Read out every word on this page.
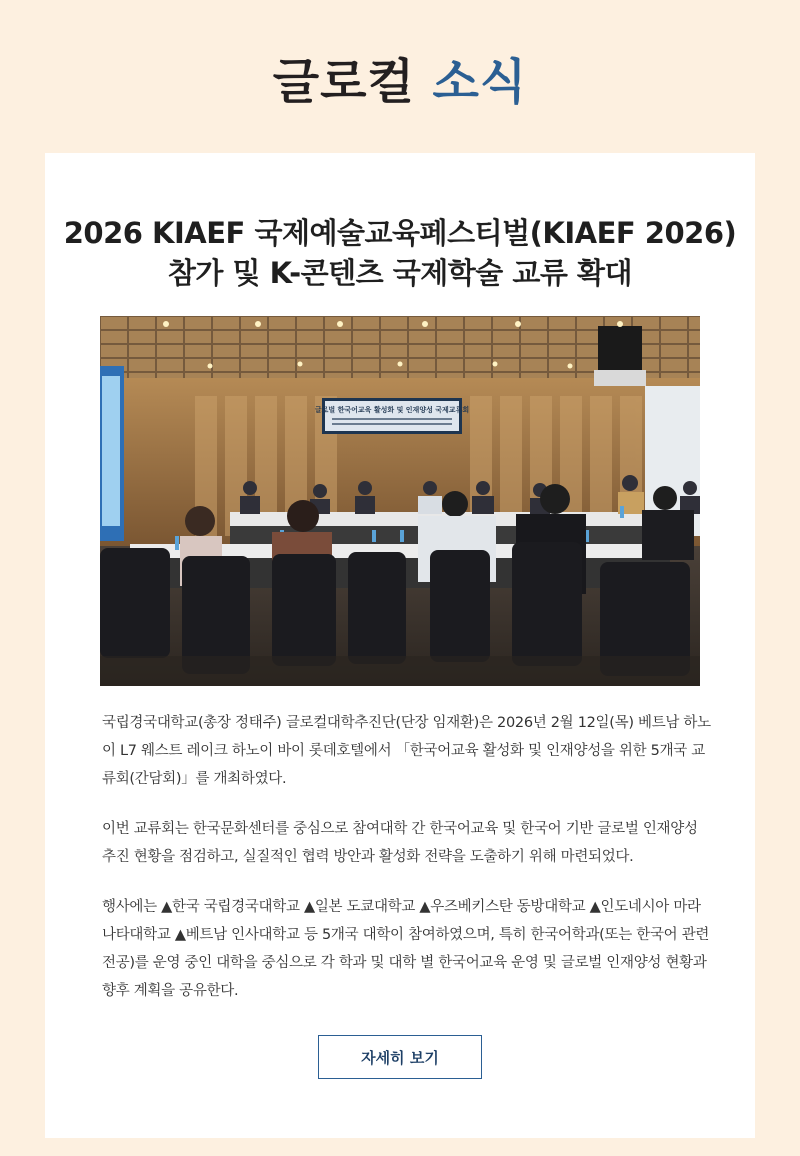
글로컬 소식
2026 KIAEF 국제예술교육페스티벌(KIAEF 2026)
참가 및 K-콘텐츠 국제학술 교류 확대
글로벌 한국어교육 활성화 및 인재양성 국제교류회

국립경국대학교(총장 정태주) 글로컬대학추진단(단장 임재환)은 2026년 2월 12일(목) 베트남 하노이 L7 웨스트 레이크 하노이 바이 롯데호텔에서 「한국어교육 활성화 및 인재양성을 위한 5개국 교류회(간담회)」를 개최하였다.

이번 교류회는 한국문화센터를 중심으로 참여대학 간 한국어교육 및 한국어 기반 글로벌 인재양성 추진 현황을 점검하고, 실질적인 협력 방안과 활성화 전략을 도출하기 위해 마련되었다.

행사에는 ▲한국 국립경국대학교 ▲일본 도쿄대학교 ▲우즈베키스탄 동방대학교 ▲인도네시아 마라나타대학교 ▲베트남 인사대학교 등 5개국 대학이 참여하였으며, 특히 한국어학과(또는 한국어 관련 전공)를 운영 중인 대학을 중심으로 각 학과 및 대학 별 한국어교육 운영 및 글로벌 인재양성 현황과 향후 계획을 공유한다.

자세히 보기
